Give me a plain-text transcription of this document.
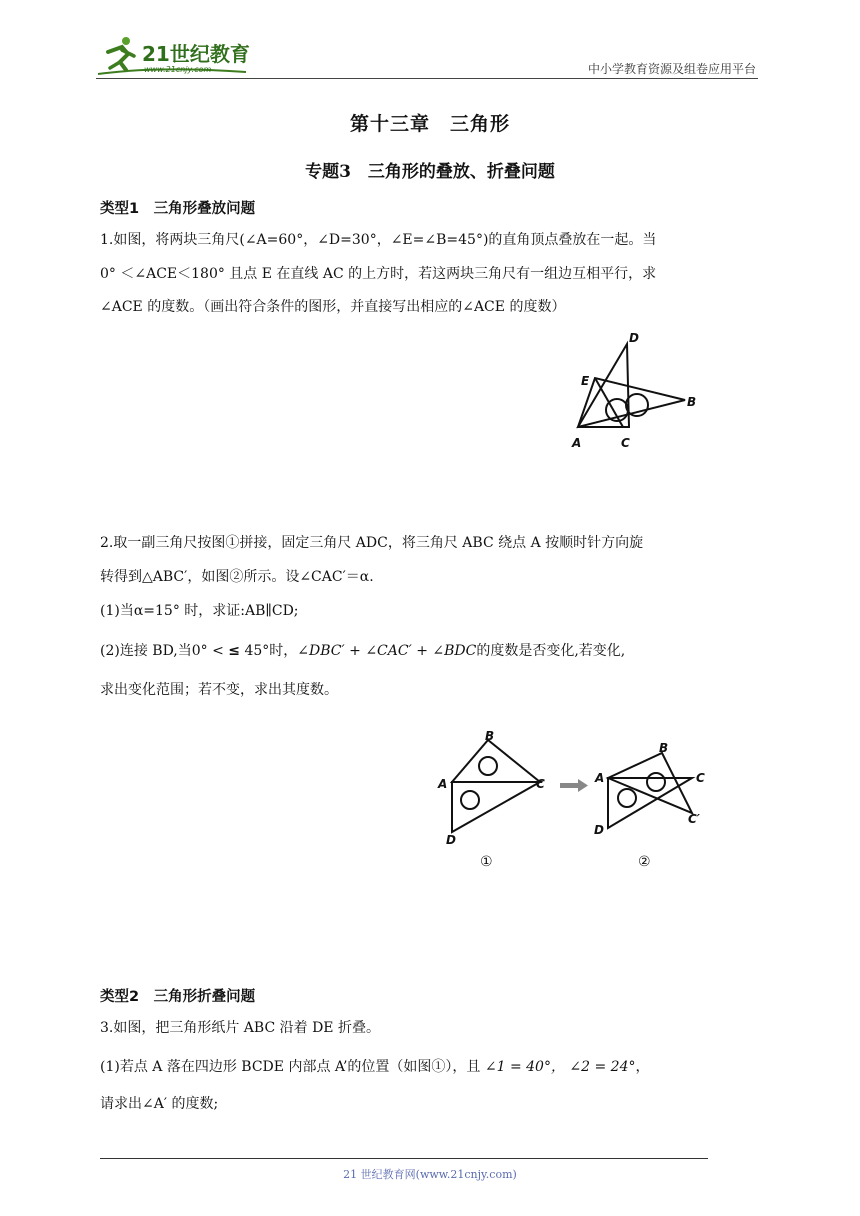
21世纪教育
www.21cnjy.com	中小学教育资源及组卷应用平台
第十三章　三角形
专题3　三角形的叠放、折叠问题
类型1　三角形叠放问题
1.如图，将两块三角尺(∠A=60°，∠D=30°，∠E=∠B=45°)的直角顶点叠放在一起。当
0° ＜∠ACE＜180° 且点 E 在直线 AC 的上方时，若这两块三角尺有一组边互相平行，求
∠ACE 的度数。（画出符合条件的图形，并直接写出相应的∠ACE 的度数）
D
E
B
A	C
2.取一副三角尺按图①拼接，固定三角尺 ADC，将三角尺 ABC 绕点 A 按顺时针方向旋
转得到△ABC′，如图②所示。设∠CAC′＝α.
(1)当α=15° 时，求证:AB∥CD;
(2)连接 BD,当0° < ≤ 45°时，∠DBC′ + ∠CAC′ + ∠BDC的度数是否变化,若变化,
求出变化范围；若不变，求出其度数。
B
A	C
D
B
A	C
C′
D
①	②
类型2　三角形折叠问题
3.如图，把三角形纸片 ABC 沿着 DE 折叠。
(1)若点 A 落在四边形 BCDE 内部点 A’的位置（如图①），且 ∠1 = 40°， ∠2 = 24°，
请求出∠A′ 的度数;
21 世纪教育网(www.21cnjy.com)
